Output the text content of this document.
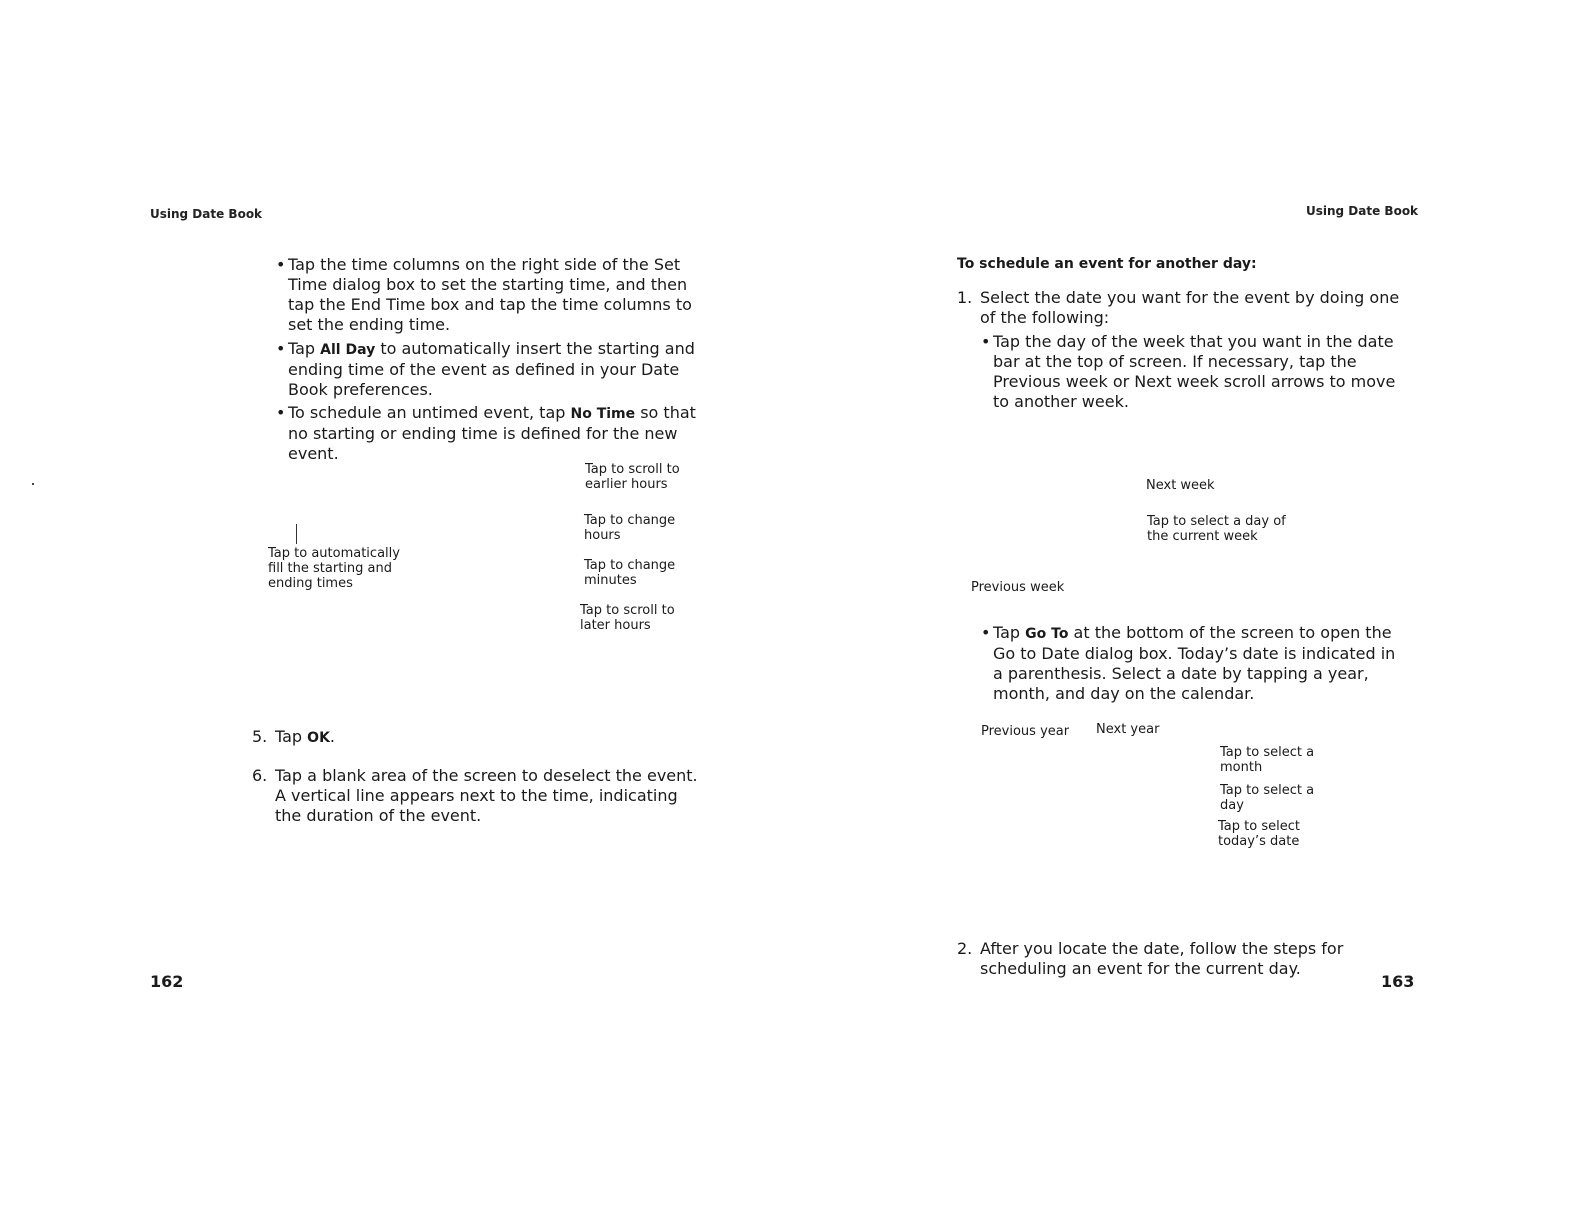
Using Date Book
• Tap the time columns on the right side of the Set Time dialog box to set the starting time, and then tap the End Time box and tap the time columns to set the ending time.
• Tap All Day to automatically insert the starting and ending time of the event as defined in your Date Book preferences.
• To schedule an untimed event, tap No Time so that no starting or ending time is defined for the new event.
Tap to scroll to earlier hours
Tap to change hours
Tap to change minutes
Tap to scroll to later hours
Tap to automatically fill the starting and ending times
5. Tap OK.
6. Tap a blank area of the screen to deselect the event. A vertical line appears next to the time, indicating the duration of the event.
162
Using Date Book
To schedule an event for another day:
1. Select the date you want for the event by doing one of the following:
• Tap the day of the week that you want in the date bar at the top of screen. If necessary, tap the Previous week or Next week scroll arrows to move to another week.
Next week
Tap to select a day of the current week
Previous week
• Tap Go To at the bottom of the screen to open the Go to Date dialog box. Today’s date is indicated in a parenthesis. Select a date by tapping a year, month, and day on the calendar.
Previous year Next year
Tap to select a month
Tap to select a day
Tap to select today’s date
2. After you locate the date, follow the steps for scheduling an event for the current day.
163
